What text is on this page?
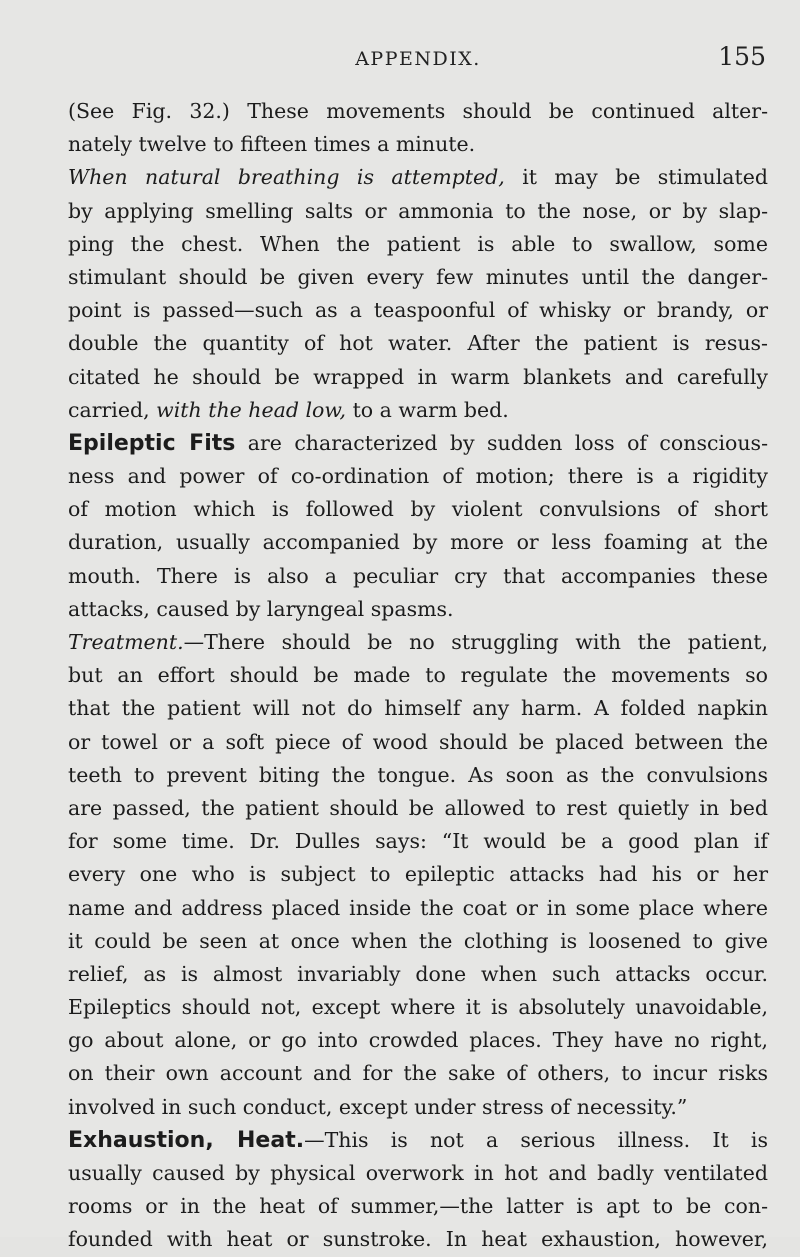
APPENDIX.	155
(See Fig. 32.) These movements should be continued alter-
nately twelve to fifteen times a minute.
When natural breathing is attempted, it may be stimulated
by applying smelling salts or ammonia to the nose, or by slap-
ping the chest. When the patient is able to swallow, some
stimulant should be given every few minutes until the danger-
point is passed—such as a teaspoonful of whisky or brandy, or
double the quantity of hot water. After the patient is resus-
citated he should be wrapped in warm blankets and carefully
carried, with the head low, to a warm bed.
Epileptic Fits are characterized by sudden loss of conscious-
ness and power of co-ordination of motion; there is a rigidity
of motion which is followed by violent convulsions of short
duration, usually accompanied by more or less foaming at the
mouth. There is also a peculiar cry that accompanies these
attacks, caused by laryngeal spasms.
Treatment.—There should be no struggling with the patient,
but an effort should be made to regulate the movements so
that the patient will not do himself any harm. A folded napkin
or towel or a soft piece of wood should be placed between the
teeth to prevent biting the tongue. As soon as the convulsions
are passed, the patient should be allowed to rest quietly in bed
for some time. Dr. Dulles says: “It would be a good plan if
every one who is subject to epileptic attacks had his or her
name and address placed inside the coat or in some place where
it could be seen at once when the clothing is loosened to give
relief, as is almost invariably done when such attacks occur.
Epileptics should not, except where it is absolutely unavoidable,
go about alone, or go into crowded places. They have no right,
on their own account and for the sake of others, to incur risks
involved in such conduct, except under stress of necessity.”
Exhaustion, Heat.—This is not a serious illness. It is
usually caused by physical overwork in hot and badly ventilated
rooms or in the heat of summer,—the latter is apt to be con-
founded with heat or sunstroke. In heat exhaustion, however,
